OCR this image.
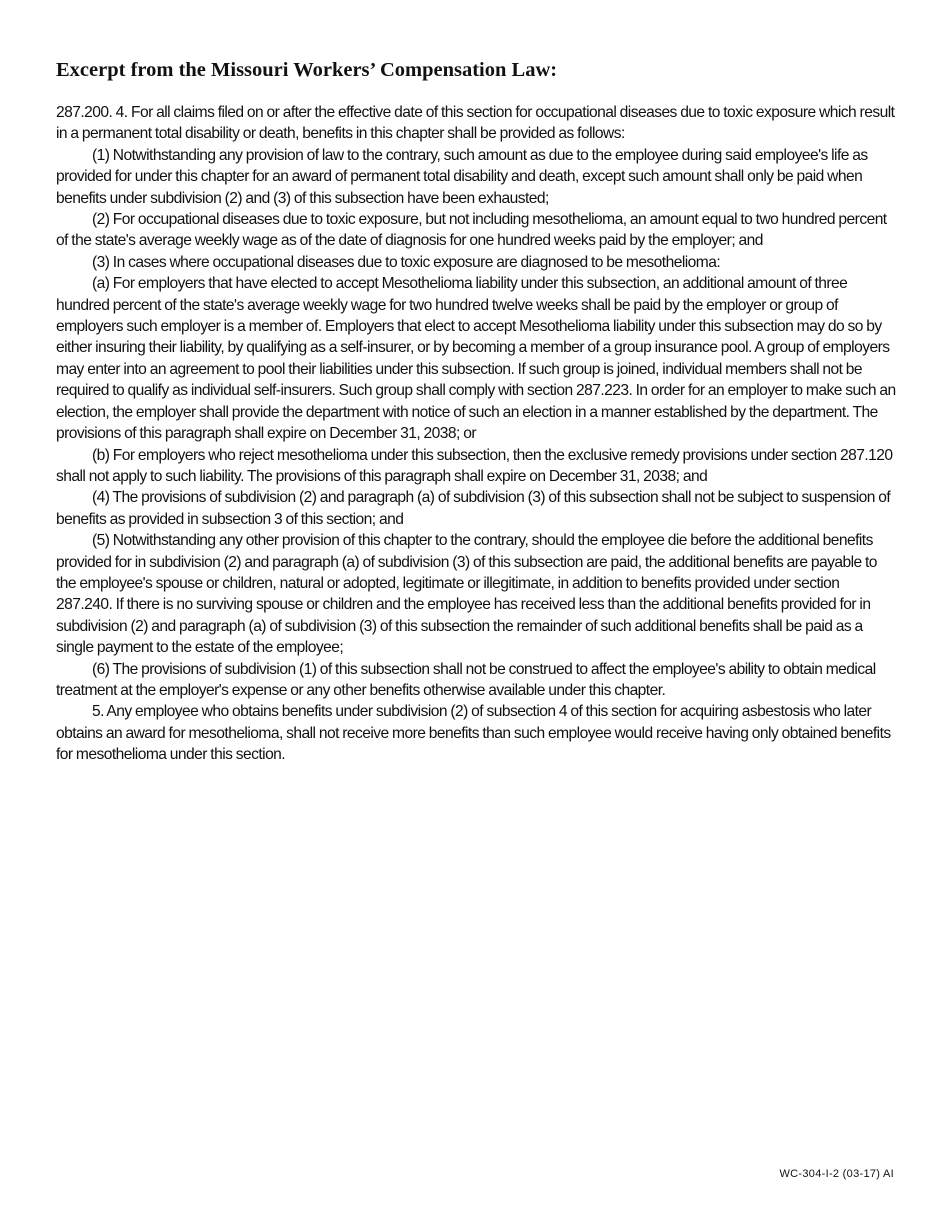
Excerpt from the Missouri Workers’ Compensation Law:

287.200. 4. For all claims filed on or after the effective date of this section for occupational diseases due to toxic exposure which result in a permanent total disability or death, benefits in this chapter shall be provided as follows:

(1) Notwithstanding any provision of law to the contrary, such amount as due to the employee during said employee's life as provided for under this chapter for an award of permanent total disability and death, except such amount shall only be paid when benefits under subdivision (2) and (3) of this subsection have been exhausted;

(2) For occupational diseases due to toxic exposure, but not including mesothelioma, an amount equal to two hundred percent of the state's average weekly wage as of the date of diagnosis for one hundred weeks paid by the employer; and

(3) In cases where occupational diseases due to toxic exposure are diagnosed to be mesothelioma:

(a) For employers that have elected to accept Mesothelioma liability under this subsection, an additional amount of three hundred percent of the state's average weekly wage for two hundred twelve weeks shall be paid by the employer or group of employers such employer is a member of. Employers that elect to accept Mesothelioma liability under this subsection may do so by either insuring their liability, by qualifying as a self-insurer, or by becoming a member of a group insurance pool. A group of employers may enter into an agreement to pool their liabilities under this subsection. If such group is joined, individual members shall not be required to qualify as individual self-insurers. Such group shall comply with section 287.223. In order for an employer to make such an election, the employer shall provide the department with notice of such an election in a manner established by the department. The provisions of this paragraph shall expire on December 31, 2038; or

(b) For employers who reject mesothelioma under this subsection, then the exclusive remedy provisions under section 287.120 shall not apply to such liability. The provisions of this paragraph shall expire on December 31, 2038; and

(4) The provisions of subdivision (2) and paragraph (a) of subdivision (3) of this subsection shall not be subject to suspension of benefits as provided in subsection 3 of this section; and

(5) Notwithstanding any other provision of this chapter to the contrary, should the employee die before the additional benefits provided for in subdivision (2) and paragraph (a) of subdivision (3) of this subsection are paid, the additional benefits are payable to the employee's spouse or children, natural or adopted, legitimate or illegitimate, in addition to benefits provided under section 287.240. If there is no surviving spouse or children and the employee has received less than the additional benefits provided for in subdivision (2) and paragraph (a) of subdivision (3) of this subsection the remainder of such additional benefits shall be paid as a single payment to the estate of the employee;

(6) The provisions of subdivision (1) of this subsection shall not be construed to affect the employee's ability to obtain medical treatment at the employer's expense or any other benefits otherwise available under this chapter.

5. Any employee who obtains benefits under subdivision (2) of subsection 4 of this section for acquiring asbestosis who later obtains an award for mesothelioma, shall not receive more benefits than such employee would receive having only obtained benefits for mesothelioma under this section.

WC-304-I-2 (03-17) AI
